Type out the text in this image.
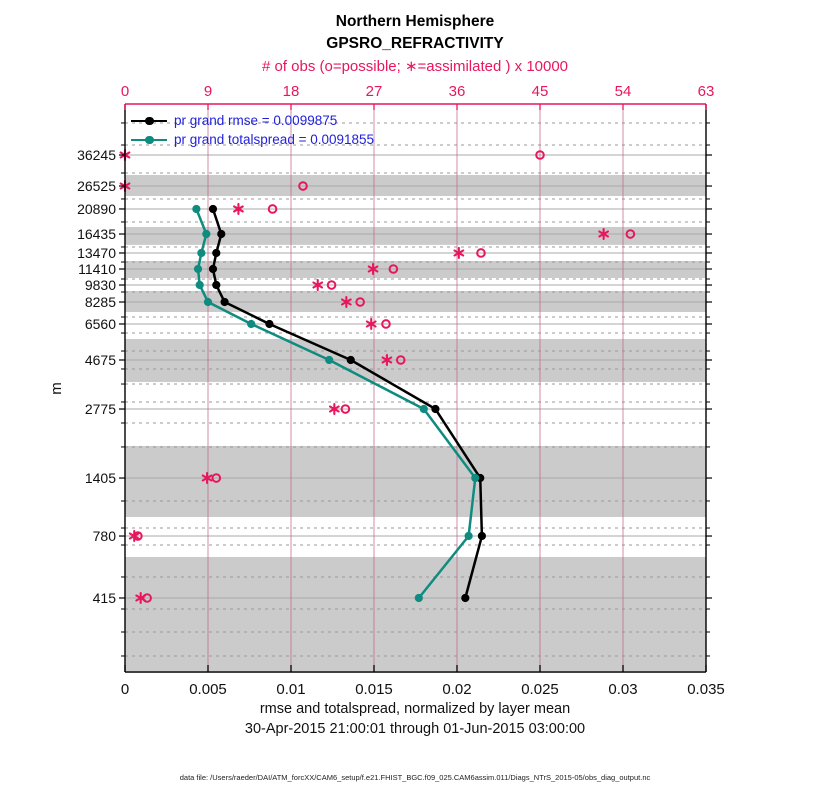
Northern Hemisphere
GPSRO_REFRACTIVITY
# of obs (o=possible; ∗=assimilated ) x 10000
0	0.005	0.01	0.015	0.02	0.025	0.03	0.035
0	9	18	27	36	45	54	63
36245
26525
20890
16435
13470
11410
9830
8285
6560
4675
2775
1405
780
415
pr grand rmse = 0.0099875
pr grand totalspread = 0.0091855
m
rmse and totalspread, normalized by layer mean
30-Apr-2015 21:00:01 through 01-Jun-2015 03:00:00
data file: /Users/raeder/DAI/ATM_forcXX/CAM6_setup/f.e21.FHIST_BGC.f09_025.CAM6assim.011/Diags_NTrS_2015-05/obs_diag_output.nc
